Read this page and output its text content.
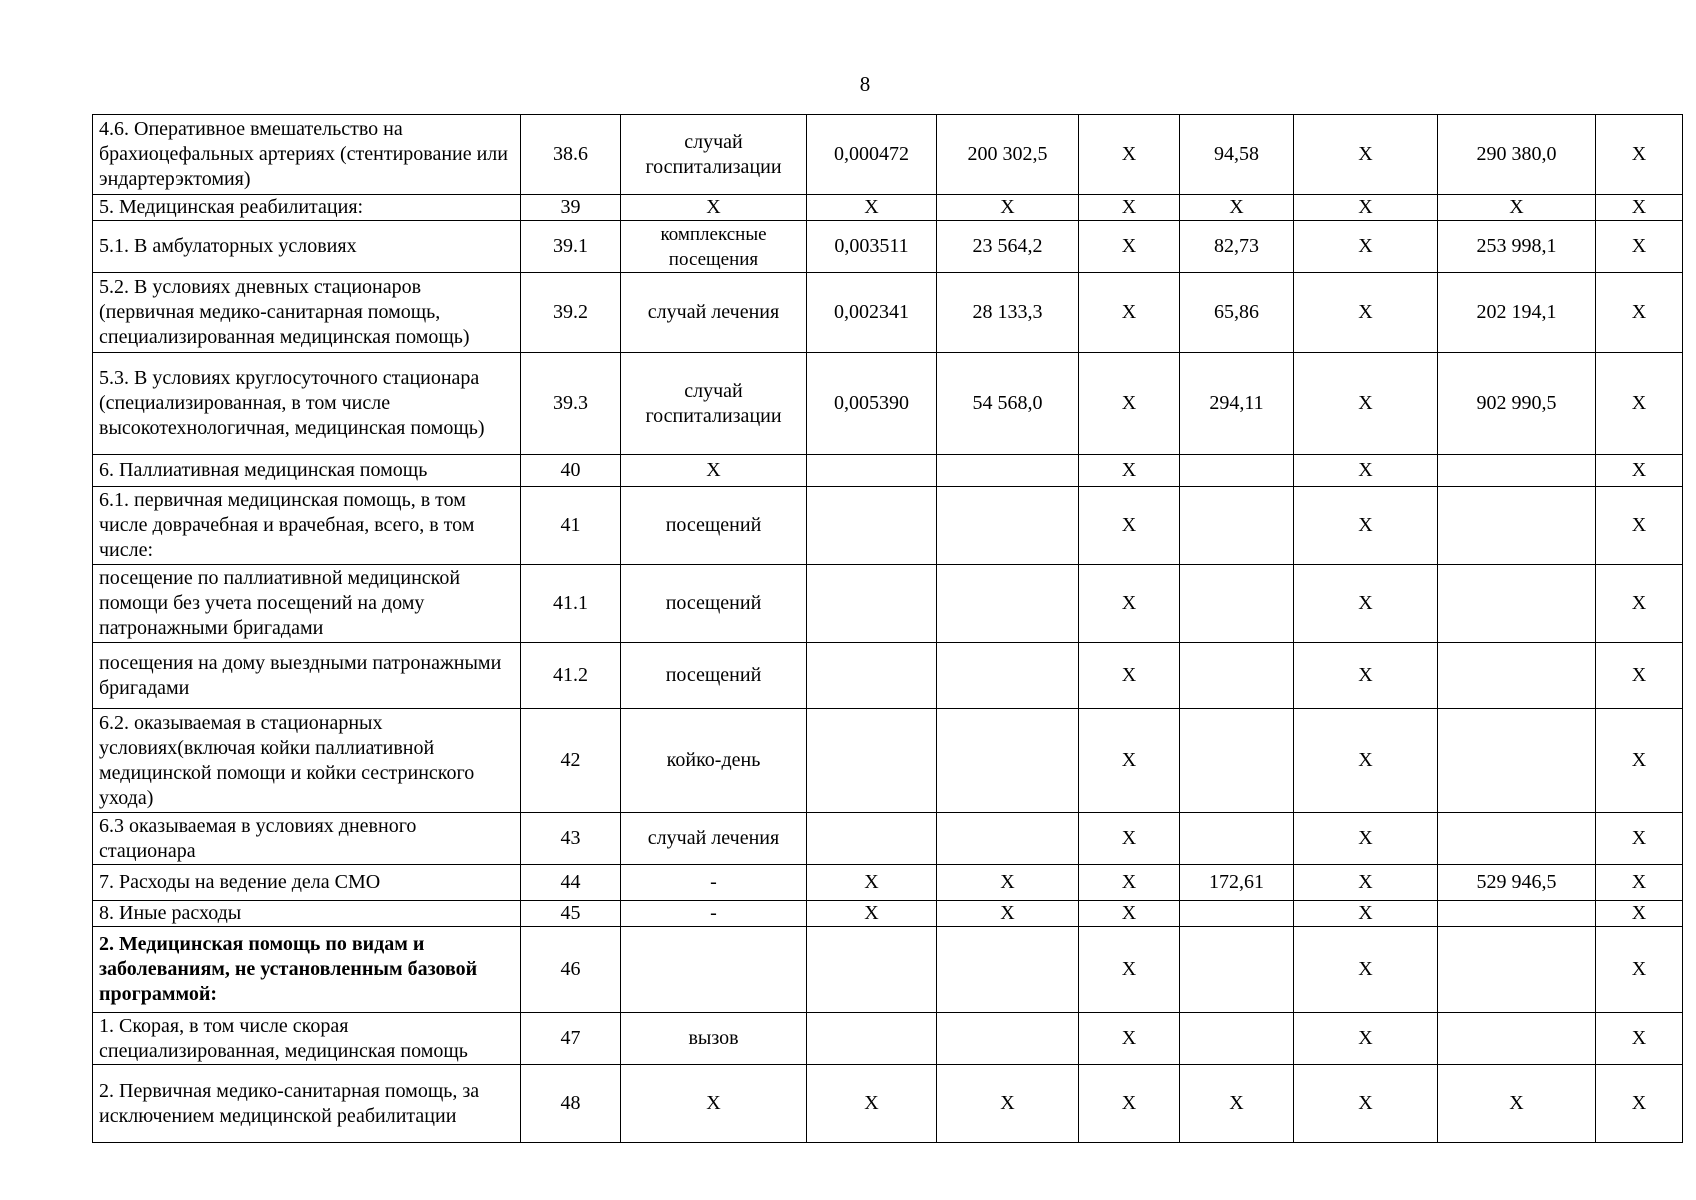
8
4.6. Оперативное вмешательство на брахиоцефальных артериях (стентирование или эндартерэктомия)	38.6	случай госпитализации	0,000472	200 302,5	X	94,58	X	290 380,0	X
5. Медицинская реабилитация:	39	X	X	X	X	X	X	X	X
5.1. В амбулаторных условиях	39.1	комплексные посещения	0,003511	23 564,2	X	82,73	X	253 998,1	X
5.2. В условиях дневных стационаров (первичная медико-санитарная помощь, специализированная медицинская помощь)	39.2	случай лечения	0,002341	28 133,3	X	65,86	X	202 194,1	X
5.3. В условиях круглосуточного стационара (специализированная, в том числе высокотехнологичная, медицинская помощь)	39.3	случай госпитализации	0,005390	54 568,0	X	294,11	X	902 990,5	X
6. Паллиативная медицинская помощь	40	X			X		X		X
6.1. первичная медицинская помощь, в том числе доврачебная и врачебная, всего, в том числе:	41	посещений			X		X		X
посещение по паллиативной медицинской помощи без учета посещений на дому патронажными бригадами	41.1	посещений			X		X		X
посещения на дому выездными патронажными бригадами	41.2	посещений			X		X		X
6.2. оказываемая в стационарных условиях(включая койки паллиативной медицинской помощи и койки сестринского ухода)	42	койко-день			X		X		X
6.3 оказываемая в условиях дневного стационара	43	случай лечения			X		X		X
7. Расходы на ведение дела СМО	44	-	X	X	X	172,61	X	529 946,5	X
8. Иные расходы	45	-	X	X	X		X		X
2. Медицинская помощь по видам и заболеваниям, не установленным базовой программой:	46				X		X		X
1. Скорая, в том числе скорая специализированная, медицинская помощь	47	вызов			X		X		X
2. Первичная медико-санитарная помощь, за исключением медицинской реабилитации	48	X	X	X	X	X	X	X	X
